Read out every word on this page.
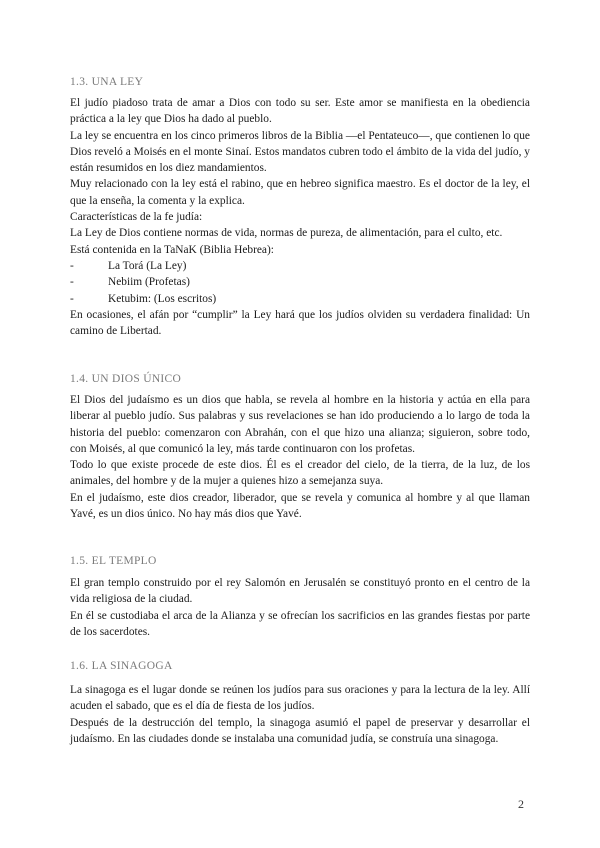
1.3. UNA LEY

El judío piadoso trata de amar a Dios con todo su ser. Este amor se manifiesta en la obediencia práctica a la ley que Dios ha dado al pueblo.

La ley se encuentra en los cinco primeros libros de la Biblia —el Pentateuco—, que contienen lo que Dios reveló a Moisés en el monte Sinaí. Estos mandatos cubren todo el ámbito de la vida del judío, y están resumidos en los diez mandamientos.

Muy relacionado con la ley está el rabino, que en hebreo significa maestro. Es el doctor de la ley, el que la enseña, la comenta y la explica.

Características de la fe judía:

La Ley de Dios contiene normas de vida, normas de pureza, de alimentación, para el culto, etc.

Está contenida en la TaNaK (Biblia Hebrea):

-	La Torá (La Ley)
-	Nebiim (Profetas)
-	Ketubim: (Los escritos)

En ocasiones, el afán por “cumplir” la Ley hará que los judíos olviden su verdadera finalidad: Un camino de Libertad.

1.4. UN DIOS ÚNICO

El Dios del judaísmo es un dios que habla, se revela al hombre en la historia y actúa en ella para liberar al pueblo judío. Sus palabras y sus revelaciones se han ido produciendo a lo largo de toda la historia del pueblo: comenzaron con Abrahán, con el que hizo una alianza; siguieron, sobre todo, con Moisés, al que comunicó la ley, más tarde continuaron con los profetas.

Todo lo que existe procede de este dios. Él es el creador del cielo, de la tierra, de la luz, de los animales, del hombre y de la mujer a quienes hizo a semejanza suya.

En el judaísmo, este dios creador, liberador, que se revela y comunica al hombre y al que llaman Yavé, es un dios único. No hay más dios que Yavé.

1.5. EL TEMPLO

El gran templo construido por el rey Salomón en Jerusalén se constituyó pronto en el centro de la vida religiosa de la ciudad.

En él se custodiaba el arca de la Alianza y se ofrecían los sacrificios en las grandes fiestas por parte de los sacerdotes.

1.6. LA SINAGOGA

La sinagoga es el lugar donde se reúnen los judíos para sus oraciones y para la lectura de la ley. Allí acuden el sabado, que es el día de fiesta de los judíos.

Después de la destrucción del templo, la sinagoga asumió el papel de preservar y desarrollar el judaísmo. En las ciudades donde se instalaba una comunidad judía, se construía una sinagoga.

2
